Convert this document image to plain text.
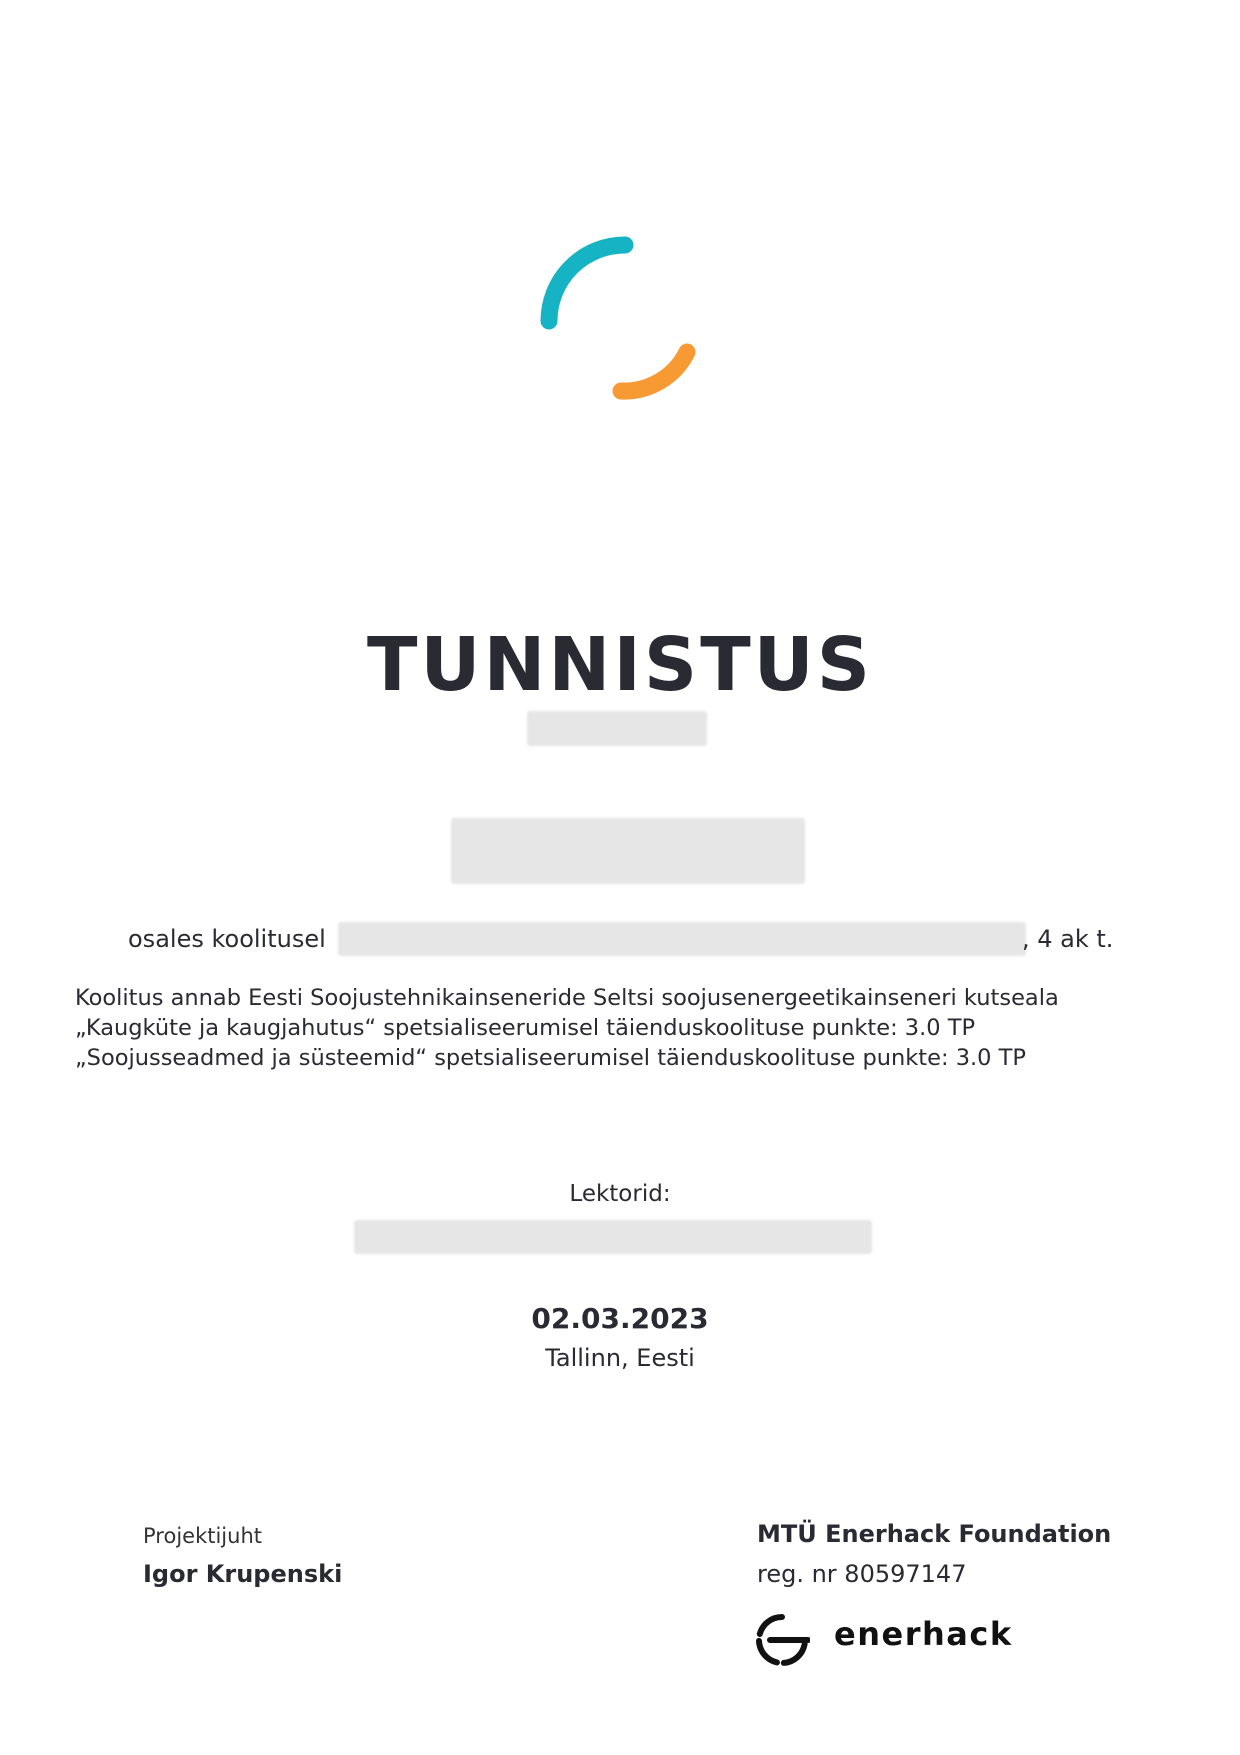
TUNNISTUS
osales koolitusel	, 4 ak t.
Koolitus annab Eesti Soojustehnikainseneride Seltsi soojusenergeetikainseneri kutseala
„Kaugküte ja kaugjahutus“ spetsialiseerumisel täienduskoolituse punkte: 3.0 TP
„Soojusseadmed ja süsteemid“ spetsialiseerumisel täienduskoolituse punkte: 3.0 TP
Lektorid:
02.03.2023
Tallinn, Eesti
Projektijuht
Igor Krupenski
MTÜ Enerhack Foundation
reg. nr 80597147
enerhack
